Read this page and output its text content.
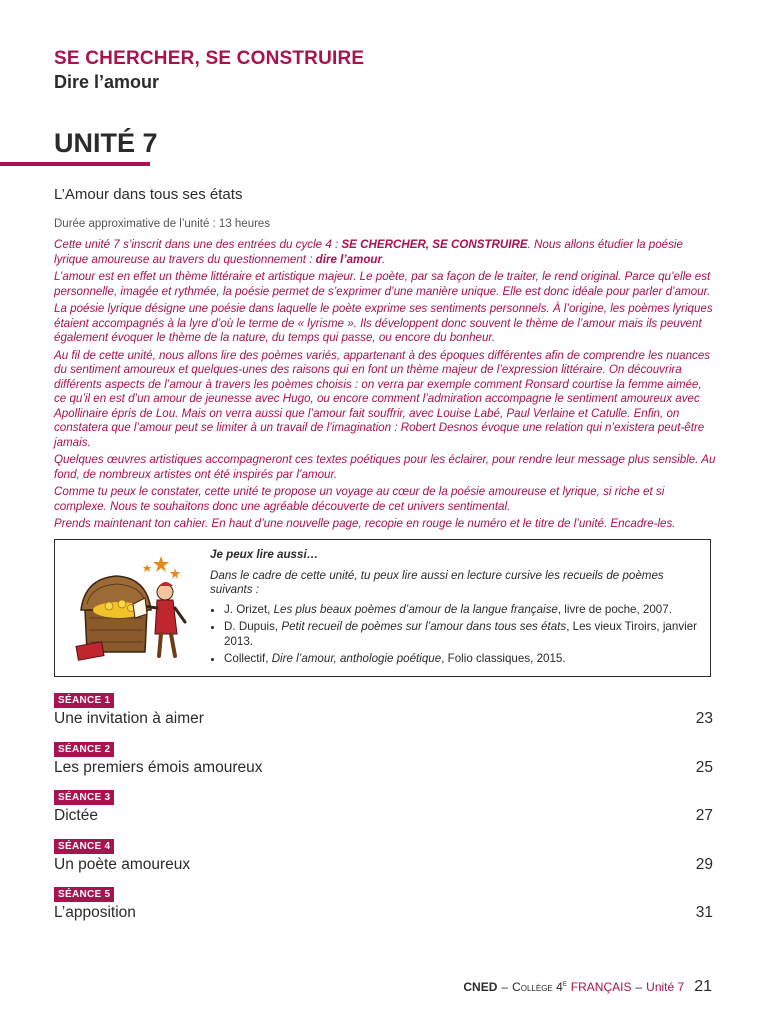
SE CHERCHER, SE CONSTRUIRE
Dire l’amour
UNITÉ 7
L’Amour dans tous ses états
Durée approximative de l’unité : 13 heures

Cette unité 7 s’inscrit dans une des entrées du cycle 4 : SE CHERCHER, SE CONSTRUIRE. Nous allons étudier la poésie lyrique amoureuse au travers du questionnement : dire l’amour.

L’amour est en effet un thème littéraire et artistique majeur. Le poète, par sa façon de le traiter, le rend original. Parce qu’elle est personnelle, imagée et rythmée, la poésie permet de s’exprimer d’une manière unique. Elle est donc idéale pour parler d’amour.

La poésie lyrique désigne une poésie dans laquelle le poète exprime ses sentiments personnels. À l’origine, les poèmes lyriques étaient accompagnés à la lyre d’où le terme de « lyrisme ». Ils développent donc souvent le thème de l’amour mais ils peuvent également évoquer le thème de la nature, du temps qui passe, ou encore du bonheur.

Au fil de cette unité, nous allons lire des poèmes variés, appartenant à des époques différentes afin de comprendre les nuances du sentiment amoureux et quelques-unes des raisons qui en font un thème majeur de l’expression littéraire. On découvrira différents aspects de l’amour à travers les poèmes choisis : on verra par exemple comment Ronsard courtise la femme aimée, ce qu’il en est d’un amour de jeunesse avec Hugo, ou encore comment l’admiration accompagne le sentiment amoureux avec Apollinaire épris de Lou. Mais on verra aussi que l’amour fait souffrir, avec Louise Labé, Paul Verlaine et Catulle. Enfin, on constatera que l’amour peut se limiter à un travail de l’imagination : Robert Desnos évoque une relation qui n’existera peut-être jamais.

Quelques œuvres artistiques accompagneront ces textes poétiques pour les éclairer, pour rendre leur message plus sensible. Au fond, de nombreux artistes ont été inspirés par l’amour.

Comme tu peux le constater, cette unité te propose un voyage au cœur de la poésie amoureuse et lyrique, si riche et si complexe. Nous te souhaitons donc une agréable découverte de cet univers sentimental.

Prends maintenant ton cahier. En haut d’une nouvelle page, recopie en rouge le numéro et le titre de l’unité. Encadre-les.

Je peux lire aussi…
Dans le cadre de cette unité, tu peux lire aussi en lecture cursive les recueils de poèmes suivants :
• J. Orizet, Les plus beaux poèmes d’amour de la langue française, livre de poche, 2007.
• D. Dupuis, Petit recueil de poèmes sur l’amour dans tous ses états, Les vieux Tiroirs, janvier 2013.
• Collectif, Dire l’amour, anthologie poétique, Folio classiques, 2015.
SÉANCE 1
Une invitation à aimer	23
SÉANCE 2
Les premiers émois amoureux	25
SÉANCE 3
Dictée	27
SÉANCE 4
Un poète amoureux	29
SÉANCE 5
L’apposition	31
CNED – Collège 4e FRANÇAIS – Unité 7 21
